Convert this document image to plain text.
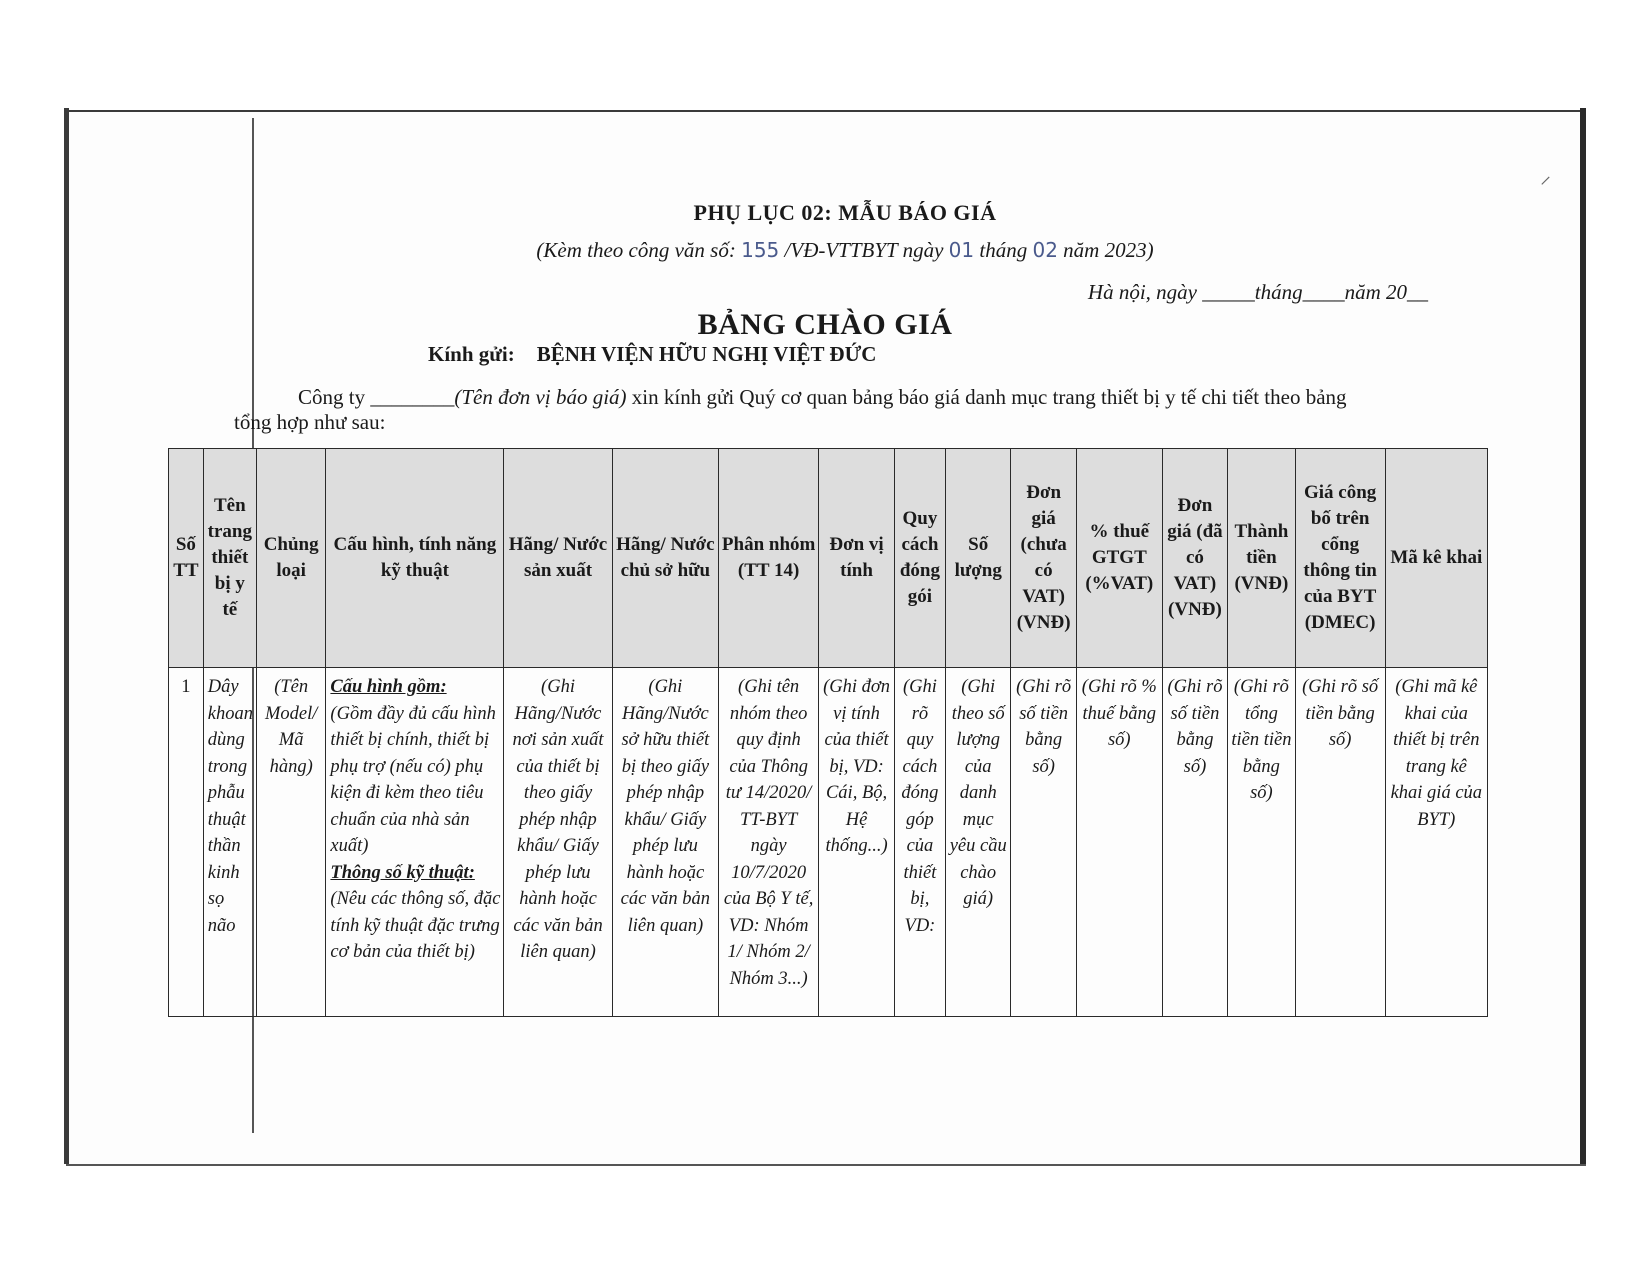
⸝
PHỤ LỤC 02: MẪU BÁO GIÁ
(Kèm theo công văn số: 155 /VĐ-VTTBYT ngày 01 tháng 02 năm 2023)
Hà nội, ngày _____tháng____năm 20__
BẢNG CHÀO GIÁ
Kính gửi: BỆNH VIỆN HỮU NGHỊ VIỆT ĐỨC
Công ty ________(Tên đơn vị báo giá) xin kính gửi Quý cơ quan bảng báo giá danh mục trang thiết bị y tế chi tiết theo bảng
tổng hợp như sau:
Số TT	Tên trang thiết bị y tế	Chủng loại	Cấu hình, tính năng kỹ thuật	Hãng/ Nước sản xuất	Hãng/ Nước chủ sở hữu	Phân nhóm (TT 14)	Đơn vị tính	Quy cách đóng gói	Số lượng	Đơn giá (chưa có VAT) (VNĐ)	% thuế GTGT (%VAT)	Đơn giá (đã có VAT) (VNĐ)	Thành tiền (VNĐ)	Giá công bố trên cổng thông tin của BYT (DMEC)	Mã kê khai
1	Dây khoan dùng trong phẫu thuật thần kinh sọ não	(Tên Model/ Mã hàng)	Cấu hình gồm:
(Gồm đầy đủ cấu hình thiết bị chính, thiết bị phụ trợ (nếu có) phụ kiện đi kèm theo tiêu chuẩn của nhà sản xuất)
Thông số kỹ thuật:
(Nêu các thông số, đặc tính kỹ thuật đặc trưng cơ bản của thiết bị)	(Ghi Hãng/Nước nơi sản xuất của thiết bị theo giấy phép nhập khẩu/ Giấy phép lưu hành hoặc các văn bản liên quan)	(Ghi Hãng/Nước sở hữu thiết bị theo giấy phép nhập khẩu/ Giấy phép lưu hành hoặc các văn bản liên quan)	(Ghi tên nhóm theo quy định của Thông tư 14/2020/ TT-BYT ngày 10/7/2020 của Bộ Y tế, VD: Nhóm 1/ Nhóm 2/ Nhóm 3...)	(Ghi đơn vị tính của thiết bị, VD: Cái, Bộ, Hệ thống...)	(Ghi rõ quy cách đóng góp của thiết bị, VD:	(Ghi theo số lượng của danh mục yêu cầu chào giá)	(Ghi rõ số tiền bằng số)	(Ghi rõ % thuế bằng số)	(Ghi rõ số tiền bằng số)	(Ghi rõ tổng tiền tiền bằng số)	(Ghi rõ số tiền bằng số)	(Ghi mã kê khai của thiết bị trên trang kê khai giá của BYT)
